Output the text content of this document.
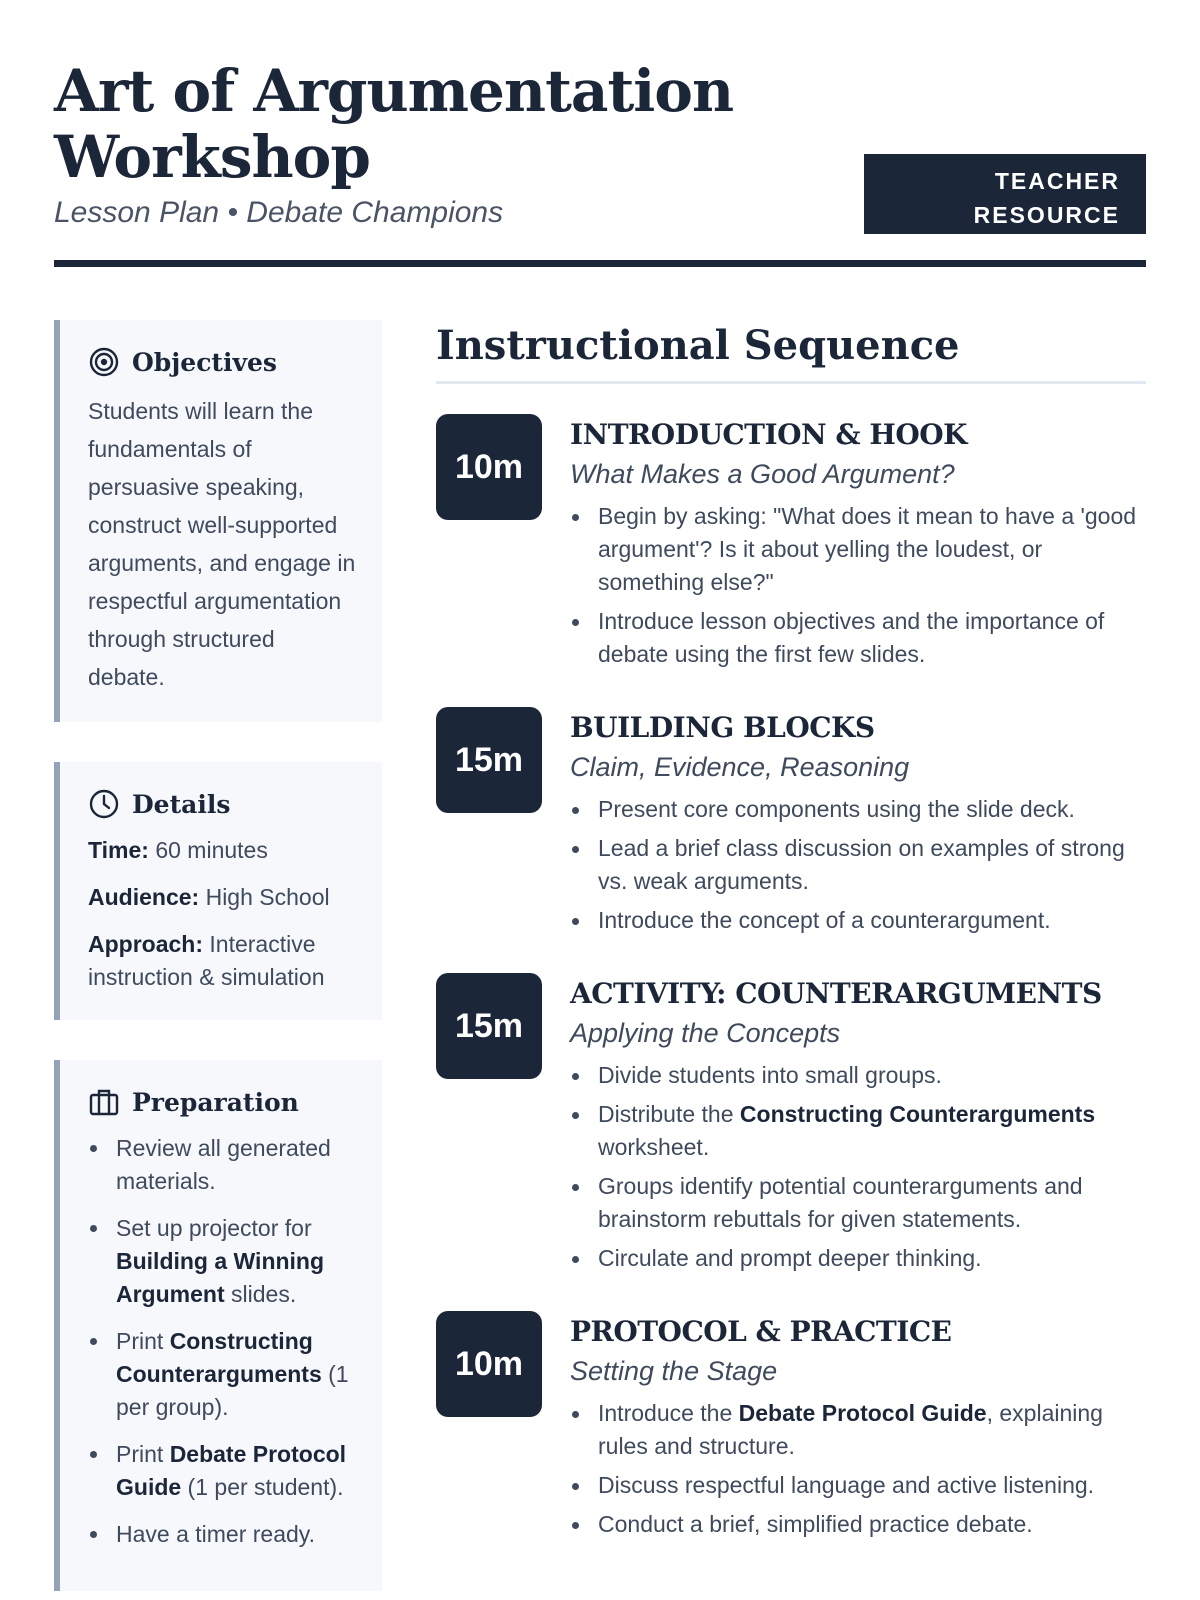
Art of Argumentation
Workshop
Lesson Plan • Debate Champions
TEACHER
RESOURCE
Objectives
Students will learn the fundamentals of persuasive speaking, construct well-supported arguments, and engage in respectful argumentation through structured debate.
Details
Time: 60 minutes
Audience: High School
Approach: Interactive instruction & simulation
Preparation
Review all generated materials.
Set up projector for Building a Winning Argument slides.
Print Constructing Counterarguments (1 per group).
Print Debate Protocol Guide (1 per student).
Have a timer ready.
Instructional Sequence
10m
INTRODUCTION & HOOK
What Makes a Good Argument?
Begin by asking: "What does it mean to have a 'good argument'? Is it about yelling the loudest, or something else?"
Introduce lesson objectives and the importance of debate using the first few slides.
15m
BUILDING BLOCKS
Claim, Evidence, Reasoning
Present core components using the slide deck.
Lead a brief class discussion on examples of strong vs. weak arguments.
Introduce the concept of a counterargument.
15m
ACTIVITY: COUNTERARGUMENTS
Applying the Concepts
Divide students into small groups.
Distribute the Constructing Counterarguments worksheet.
Groups identify potential counterarguments and brainstorm rebuttals for given statements.
Circulate and prompt deeper thinking.
10m
PROTOCOL & PRACTICE
Setting the Stage
Introduce the Debate Protocol Guide, explaining rules and structure.
Discuss respectful language and active listening.
Conduct a brief, simplified practice debate.
